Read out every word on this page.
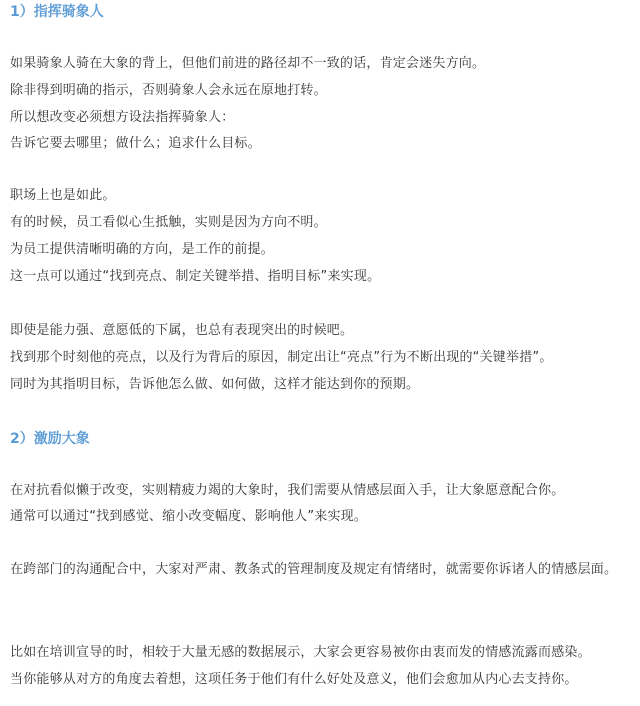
1）指挥骑象人
如果骑象人骑在大象的背上，但他们前进的路径却不一致的话，肯定会迷失方向。
除非得到明确的指示，否则骑象人会永远在原地打转。
所以想改变必须想方设法指挥骑象人：
告诉它要去哪里；做什么；追求什么目标。
职场上也是如此。
有的时候，员工看似心生抵触，实则是因为方向不明。
为员工提供清晰明确的方向，是工作的前提。
这一点可以通过“找到亮点、制定关键举措、指明目标”来实现。
即使是能力强、意愿低的下属，也总有表现突出的时候吧。
找到那个时刻他的亮点，以及行为背后的原因，制定出让“亮点”行为不断出现的“关键举措”。
同时为其指明目标，告诉他怎么做、如何做，这样才能达到你的预期。
2）激励大象
在对抗看似懒于改变，实则精疲力竭的大象时，我们需要从情感层面入手，让大象愿意配合你。
通常可以通过“找到感觉、缩小改变幅度、影响他人”来实现。
在跨部门的沟通配合中，大家对严肃、教条式的管理制度及规定有情绪时，就需要你诉诸人的情感层面。
比如在培训宣导的时，相较于大量无感的数据展示，大家会更容易被你由衷而发的情感流露而感染。
当你能够从对方的角度去着想，这项任务于他们有什么好处及意义，他们会愈加从内心去支持你。
